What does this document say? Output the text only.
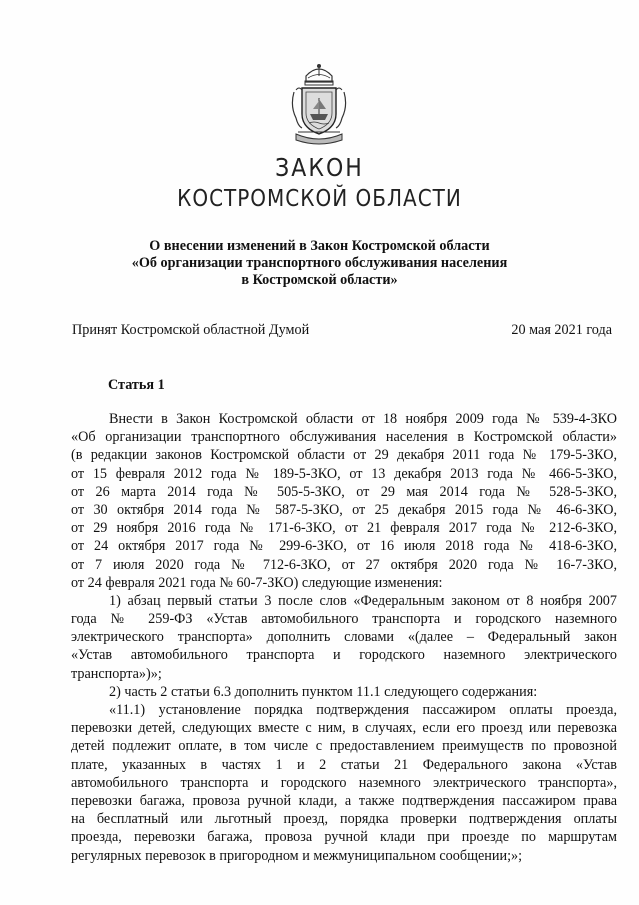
ЗАКОН
КОСТРОМСКОЙ ОБЛАСТИ
О внесении изменений в Закон Костромской области
«Об организации транспортного обслуживания населения
в Костромской области»
Принят Костромской областной Думой	20 мая 2021 года
Статья 1
Внести в Закон Костромской области от 18 ноября 2009 года № 539-4-ЗКО
«Об организации транспортного обслуживания населения в Костромской области»
(в редакции законов Костромской области от 29 декабря 2011 года № 179-5-ЗКО,
от 15 февраля 2012 года № 189-5-ЗКО, от 13 декабря 2013 года № 466-5-ЗКО,
от 26 марта 2014 года № 505-5-ЗКО, от 29 мая 2014 года № 528-5-ЗКО,
от 30 октября 2014 года № 587-5-ЗКО, от 25 декабря 2015 года № 46-6-ЗКО,
от 29 ноября 2016 года № 171-6-ЗКО, от 21 февраля 2017 года № 212-6-ЗКО,
от 24 октября 2017 года № 299-6-ЗКО, от 16 июля 2018 года № 418-6-ЗКО,
от 7 июля 2020 года № 712-6-ЗКО, от 27 октября 2020 года № 16-7-ЗКО,
от 24 февраля 2021 года № 60-7-ЗКО) следующие изменения:
1) абзац первый статьи 3 после слов «Федеральным законом от 8 ноября 2007
года № 259-ФЗ «Устав автомобильного транспорта и городского наземного
электрического транспорта» дополнить словами «(далее – Федеральный закон
«Устав автомобильного транспорта и городского наземного электрического
транспорта»)»;
2) часть 2 статьи 6.3 дополнить пунктом 11.1 следующего содержания:
«11.1) установление порядка подтверждения пассажиром оплаты проезда,
перевозки детей, следующих вместе с ним, в случаях, если его проезд или перевозка
детей подлежит оплате, в том числе с предоставлением преимуществ по провозной
плате, указанных в частях 1 и 2 статьи 21 Федерального закона «Устав
автомобильного транспорта и городского наземного электрического транспорта»,
перевозки багажа, провоза ручной клади, а также подтверждения пассажиром права
на бесплатный или льготный проезд, порядка проверки подтверждения оплаты
проезда, перевозки багажа, провоза ручной клади при проезде по маршрутам
регулярных перевозок в пригородном и межмуниципальном сообщении;»;
